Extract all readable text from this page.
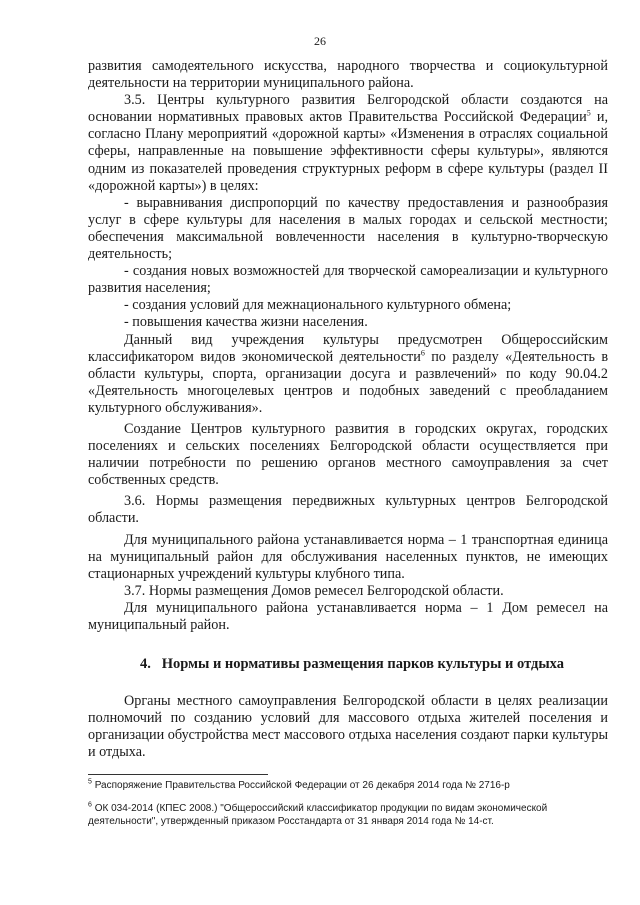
26

развития самодеятельного искусства, народного творчества и социокультурной деятельности на территории муниципального района.

3.5. Центры культурного развития Белгородской области создаются на основании нормативных правовых актов Правительства Российской Федерации$^5$ и, согласно Плану мероприятий «дорожной карты» «Изменения в отраслях социальной сферы, направленные на повышение эффективности сферы культуры», являются одним из показателей проведения структурных реформ в сфере культуры (раздел II «дорожной карты») в целях:

- выравнивания диспропорций по качеству предоставления и разнообразия услуг в сфере культуры для населения в малых городах и сельской местности; обеспечения максимальной вовлеченности населения в культурно-творческую деятельность;

- создания новых возможностей для творческой самореализации и культурного развития населения;

- создания условий для межнационального культурного обмена;

- повышения качества жизни населения.

Данный вид учреждения культуры предусмотрен Общероссийским классификатором видов экономической деятельности$^6$ по разделу «Деятельность в области культуры, спорта, организации досуга и развлечений» по коду 90.04.2 «Деятельность многоцелевых центров и подобных заведений с преобладанием культурного обслуживания».

Создание Центров культурного развития в городских округах, городских поселениях и сельских поселениях Белгородской области осуществляется при наличии потребности по решению органов местного самоуправления за счет собственных средств.

3.6. Нормы размещения передвижных культурных центров Белгородской области.

Для муниципального района устанавливается норма – 1 транспортная единица на муниципальный район для обслуживания населенных пунктов, не имеющих стационарных учреждений культуры клубного типа.

3.7. Нормы размещения Домов ремесел Белгородской области.

Для муниципального района устанавливается норма – 1 Дом ремесел на муниципальный район.

4. Нормы и нормативы размещения парков культуры и отдыха

Органы местного самоуправления Белгородской области в целях реализации полномочий по созданию условий для массового отдыха жителей поселения и организации обустройства мест массового отдыха населения создают парки культуры и отдыха.

$^5$ Распоряжение Правительства Российской Федерации от 26 декабря 2014 года № 2716-р

$^6$ ОК 034-2014 (КПЕС 2008.) "Общероссийский классификатор продукции по видам экономической деятельности", утвержденный приказом Росстандарта от 31 января 2014 года № 14-ст.
